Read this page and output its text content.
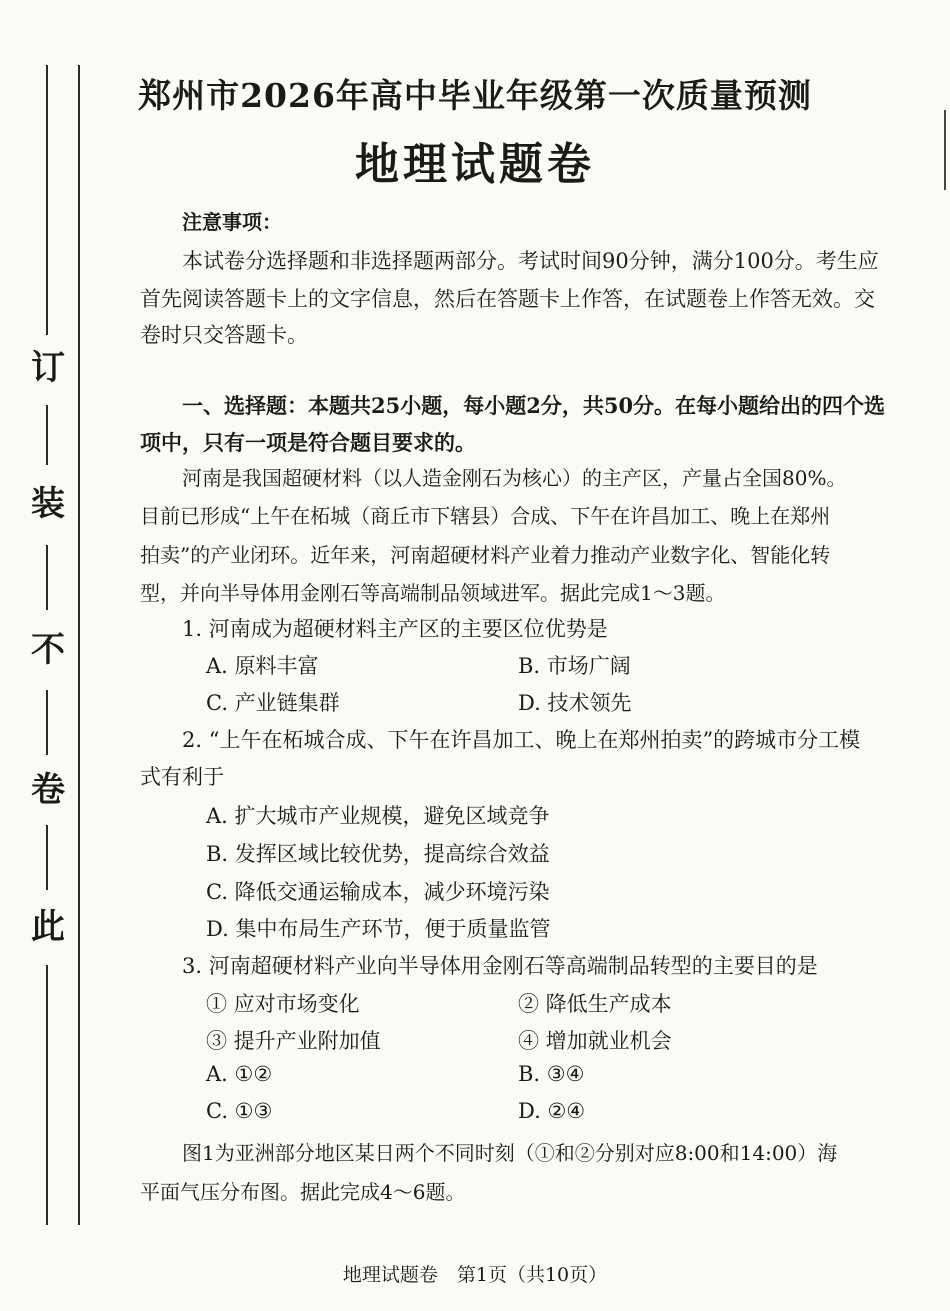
订
装
不
卷
此
郑州市2026年高中毕业年级第一次质量预测
地理试题卷
注意事项：
本试卷分选择题和非选择题两部分。考试时间90分钟，满分100分。考生应
首先阅读答题卡上的文字信息，然后在答题卡上作答，在试题卷上作答无效。交
卷时只交答题卡。
一、选择题：本题共25小题，每小题2分，共50分。在每小题给出的四个选
项中，只有一项是符合题目要求的。
河南是我国超硬材料（以人造金刚石为核心）的主产区，产量占全国80%。
目前已形成“上午在柘城（商丘市下辖县）合成、下午在许昌加工、晚上在郑州
拍卖”的产业闭环。近年来，河南超硬材料产业着力推动产业数字化、智能化转
型，并向半导体用金刚石等高端制品领域进军。据此完成1～3题。
1. 河南成为超硬材料主产区的主要区位优势是
A. 原料丰富	B. 市场广阔
C. 产业链集群	D. 技术领先
2. “上午在柘城合成、下午在许昌加工、晚上在郑州拍卖”的跨城市分工模
式有利于
A. 扩大城市产业规模，避免区域竞争
B. 发挥区域比较优势，提高综合效益
C. 降低交通运输成本，减少环境污染
D. 集中布局生产环节，便于质量监管
3. 河南超硬材料产业向半导体用金刚石等高端制品转型的主要目的是
① 应对市场变化	② 降低生产成本
③ 提升产业附加值	④ 增加就业机会
A. ①②	B. ③④
C. ①③	D. ②④
图1为亚洲部分地区某日两个不同时刻（①和②分别对应8:00和14:00）海
平面气压分布图。据此完成4～6题。
地理试题卷　第1页（共10页）
